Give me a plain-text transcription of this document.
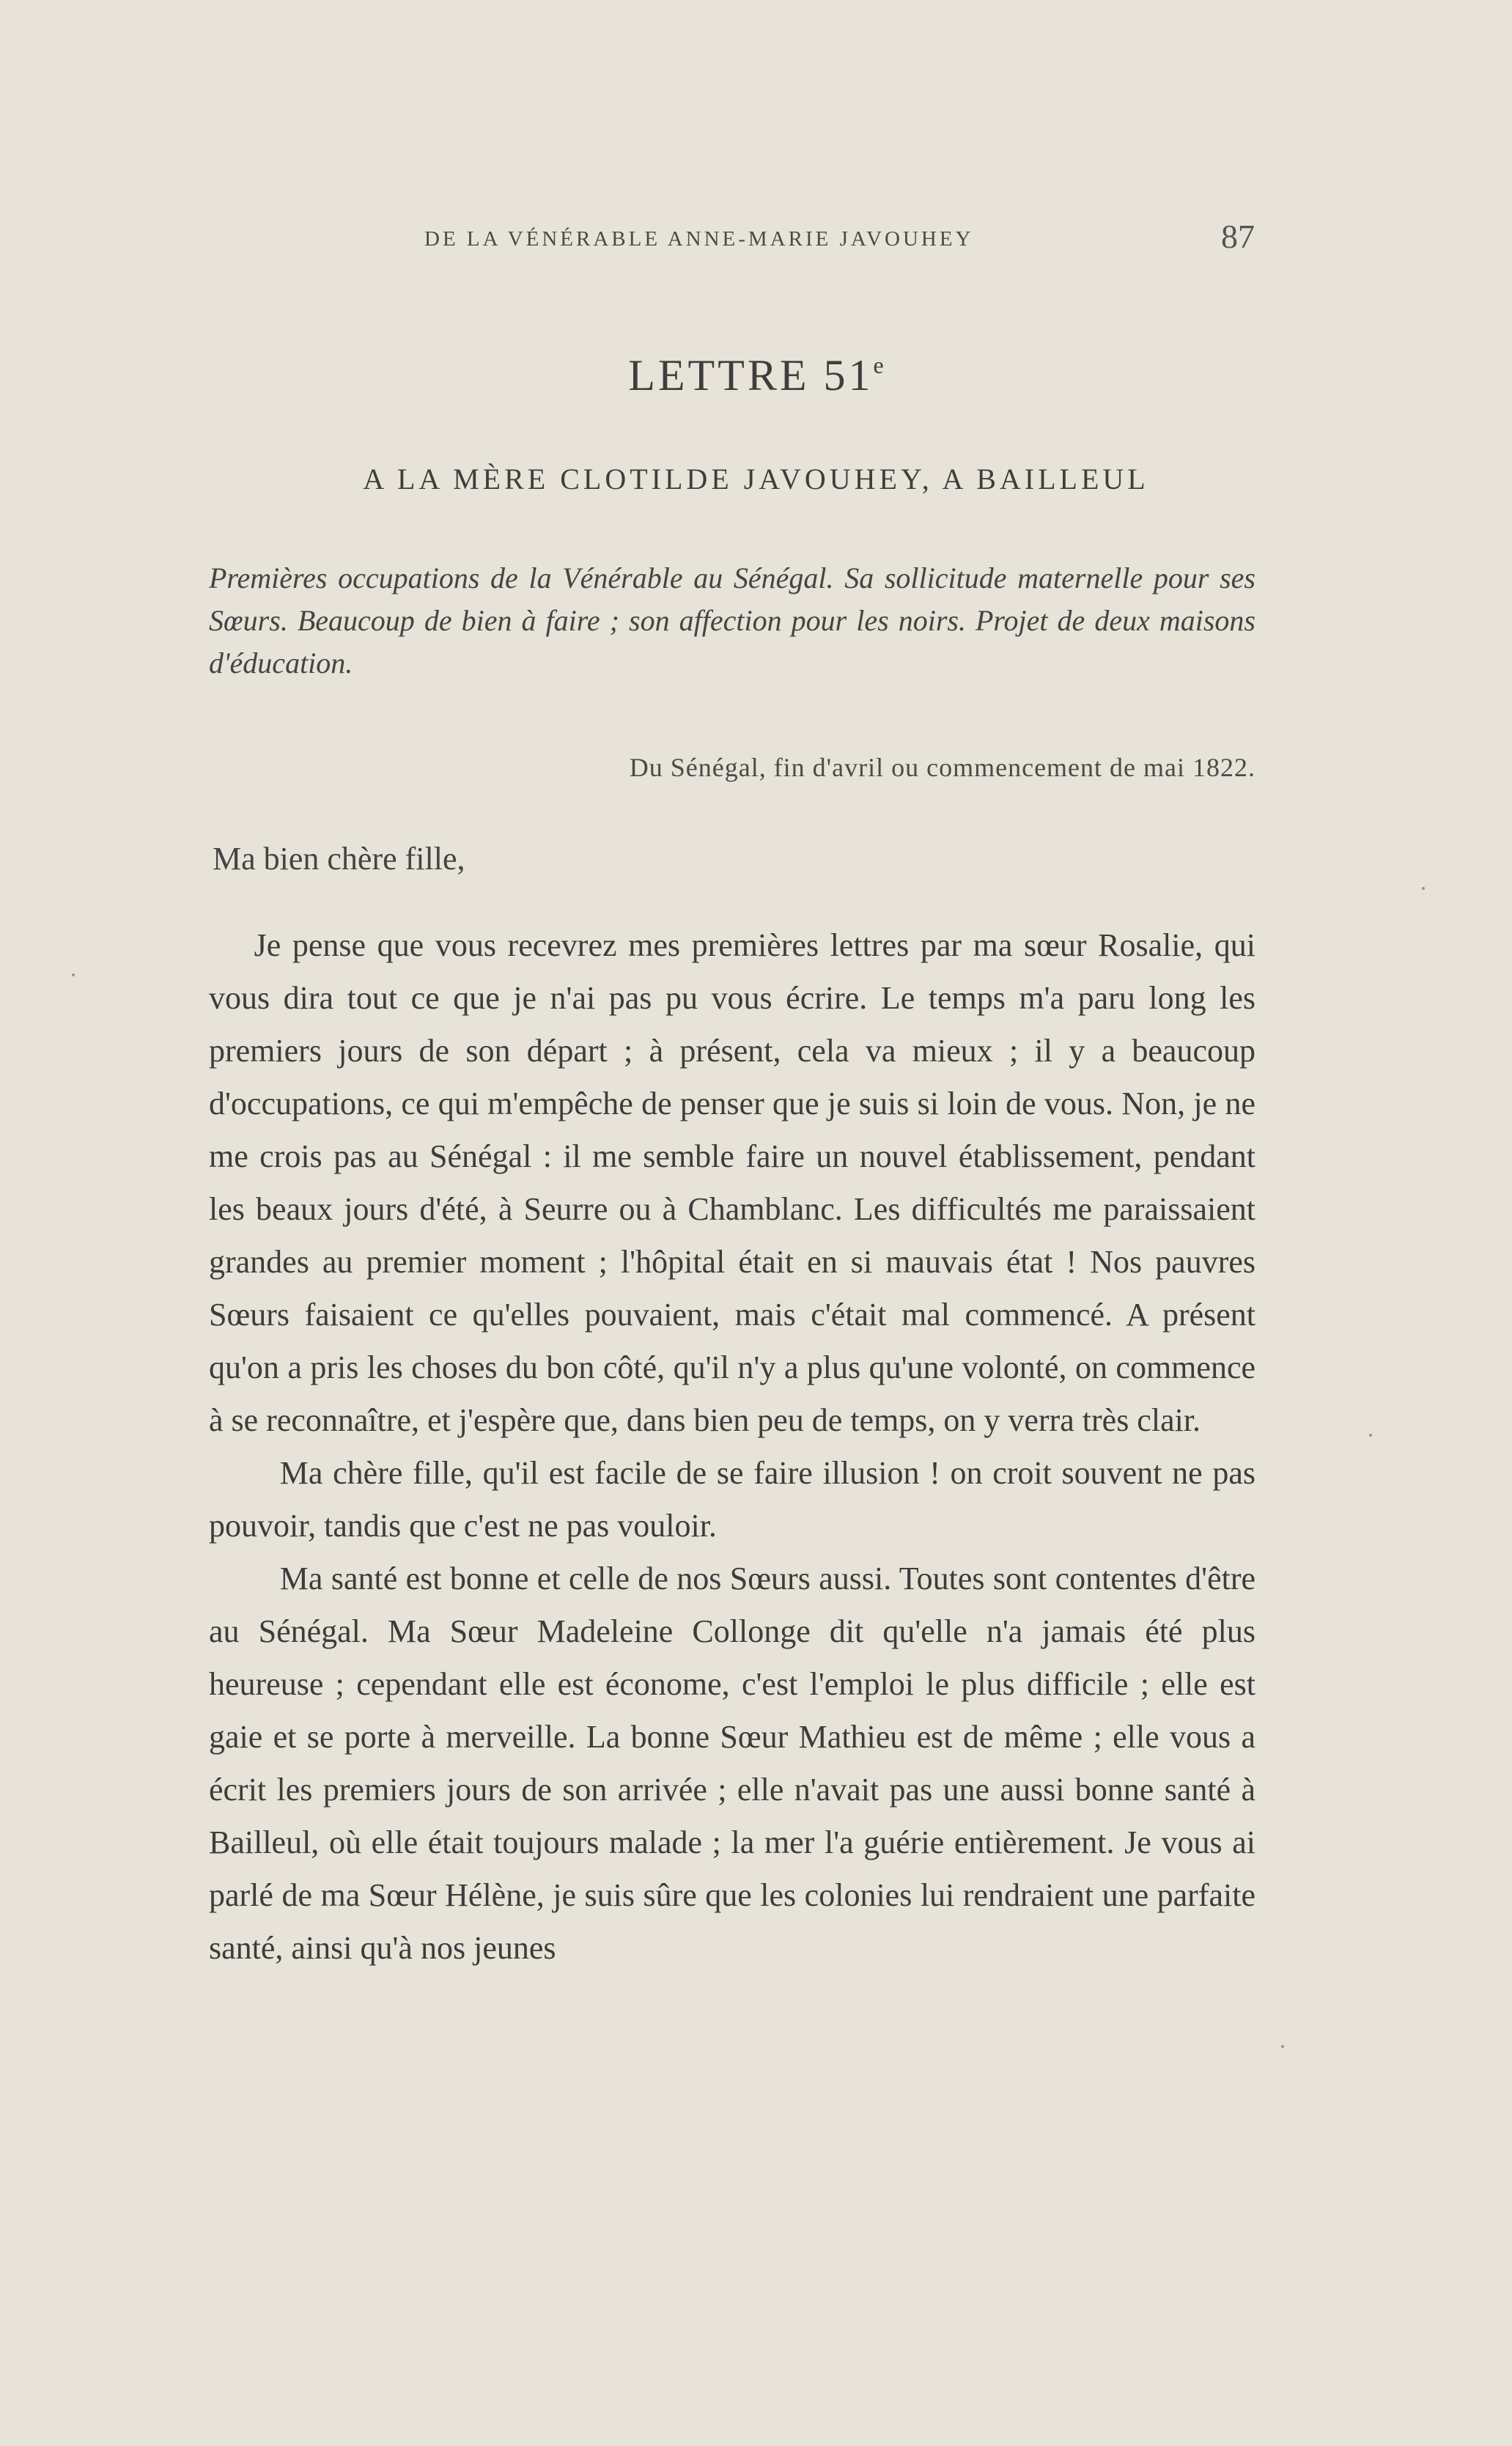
DE LA VÉNÉRABLE ANNE-MARIE JAVOUHEY	87
LETTRE 51e
A LA MÈRE CLOTILDE JAVOUHEY, A BAILLEUL
Premières occupations de la Vénérable au Sénégal. Sa sollicitude maternelle pour ses Sœurs. Beaucoup de bien à faire ; son affection pour les noirs. Projet de deux maisons d'éducation.
Du Sénégal, fin d'avril ou commencement de mai 1822.
Ma bien chère fille,

Je pense que vous recevrez mes premières lettres par ma sœur Rosalie, qui vous dira tout ce que je n'ai pas pu vous écrire. Le temps m'a paru long les premiers jours de son départ ; à présent, cela va mieux ; il y a beaucoup d'occupations, ce qui m'empêche de penser que je suis si loin de vous. Non, je ne me crois pas au Sénégal : il me semble faire un nouvel établissement, pendant les beaux jours d'été, à Seurre ou à Chamblanc. Les difficultés me paraissaient grandes au premier moment ; l'hôpital était en si mauvais état ! Nos pauvres Sœurs faisaient ce qu'elles pouvaient, mais c'était mal commencé. A présent qu'on a pris les choses du bon côté, qu'il n'y a plus qu'une volonté, on commence à se reconnaître, et j'espère que, dans bien peu de temps, on y verra très clair.

Ma chère fille, qu'il est facile de se faire illusion ! on croit souvent ne pas pouvoir, tandis que c'est ne pas vouloir.

Ma santé est bonne et celle de nos Sœurs aussi. Toutes sont contentes d'être au Sénégal. Ma Sœur Madeleine Collonge dit qu'elle n'a jamais été plus heureuse ; cependant elle est économe, c'est l'emploi le plus difficile ; elle est gaie et se porte à merveille. La bonne Sœur Mathieu est de même ; elle vous a écrit les premiers jours de son arrivée ; elle n'avait pas une aussi bonne santé à Bailleul, où elle était toujours malade ; la mer l'a guérie entièrement. Je vous ai parlé de ma Sœur Hélène, je suis sûre que les colonies lui rendraient une parfaite santé, ainsi qu'à nos jeunes
